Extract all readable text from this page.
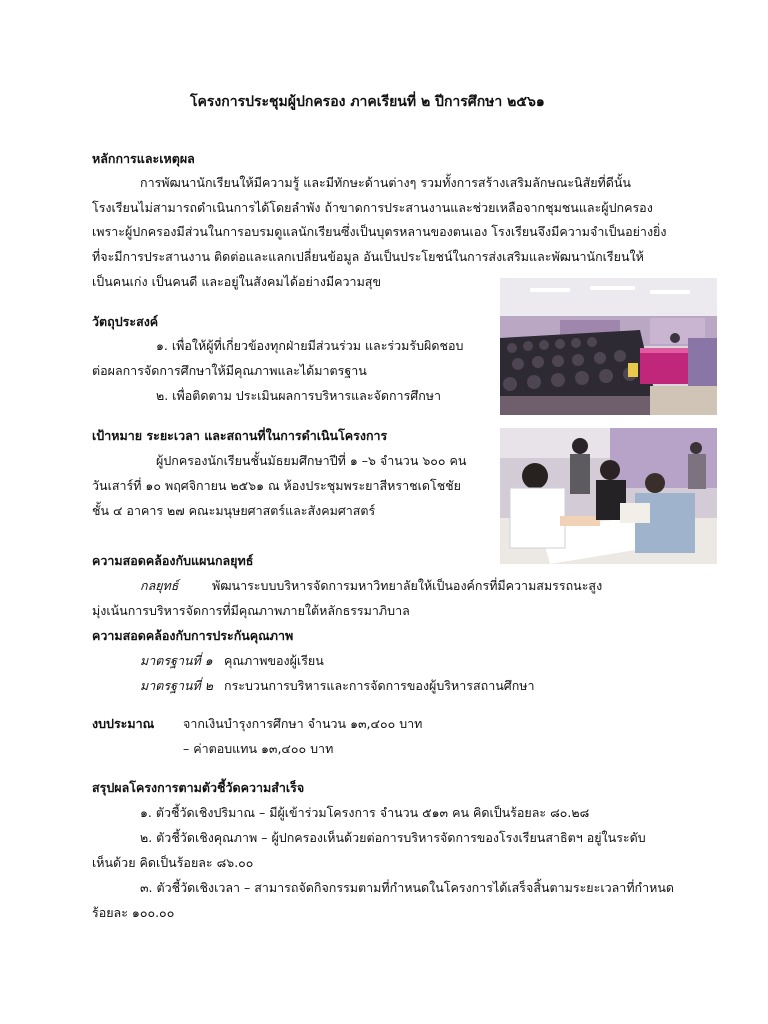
โครงการประชุมผู้ปกครอง ภาคเรียนที่ ๒ ปีการศึกษา ๒๕๖๑
หลักการและเหตุผล
การพัฒนานักเรียนให้มีความรู้ และมีทักษะด้านต่างๆ รวมทั้งการสร้างเสริมลักษณะนิสัยที่ดีนั้น
โรงเรียนไม่สามารถดำเนินการได้โดยลำพัง ถ้าขาดการประสานงานและช่วยเหลือจากชุมชนและผู้ปกครอง
เพราะผู้ปกครองมีส่วนในการอบรมดูแลนักเรียนซึ่งเป็นบุตรหลานของตนเอง โรงเรียนจึงมีความจำเป็นอย่างยิ่ง
ที่จะมีการประสานงาน ติดต่อและแลกเปลี่ยนข้อมูล อันเป็นประโยชน์ในการส่งเสริมและพัฒนานักเรียนให้
เป็นคนเก่ง เป็นคนดี และอยู่ในสังคมได้อย่างมีความสุข
วัตถุประสงค์
๑. เพื่อให้ผู้ที่เกี่ยวข้องทุกฝ่ายมีส่วนร่วม และร่วมรับผิดชอบ
ต่อผลการจัดการศึกษาให้มีคุณภาพและได้มาตรฐาน
๒. เพื่อติดตาม ประเมินผลการบริหารและจัดการศึกษา
เป้าหมาย ระยะเวลา และสถานที่ในการดำเนินโครงการ
ผู้ปกครองนักเรียนชั้นมัธยมศึกษาปีที่ ๑ –๖ จำนวน ๖๐๐ คน
วันเสาร์ที่ ๑๐ พฤศจิกายน ๒๕๖๑ ณ ห้องประชุมพระยาสีหราชเดโชชัย
ชั้น ๔ อาคาร ๒๗ คณะมนุษยศาสตร์และสังคมศาสตร์
ความสอดคล้องกับแผนกลยุทธ์
กลยุทธ์	พัฒนาระบบบริหารจัดการมหาวิทยาลัยให้เป็นองค์กรที่มีความสมรรถนะสูง
มุ่งเน้นการบริหารจัดการที่มีคุณภาพภายใต้หลักธรรมาภิบาล
ความสอดคล้องกับการประกันคุณภาพ
มาตรฐานที่ ๑ คุณภาพของผู้เรียน
มาตรฐานที่ ๒ กระบวนการบริหารและการจัดการของผู้บริหารสถานศึกษา
งบประมาณ จากเงินบำรุงการศึกษา จำนวน ๑๓,๔๐๐ บาท
– ค่าตอบแทน ๑๓,๔๐๐ บาท
สรุปผลโครงการตามตัวชี้วัดความสำเร็จ
๑. ตัวชี้วัดเชิงปริมาณ – มีผู้เข้าร่วมโครงการ จำนวน ๕๑๓ คน คิดเป็นร้อยละ ๘๐.๒๘
๒. ตัวชี้วัดเชิงคุณภาพ – ผู้ปกครองเห็นด้วยต่อการบริหารจัดการของโรงเรียนสาธิตฯ อยู่ในระดับ
เห็นด้วย คิดเป็นร้อยละ ๘๖.๐๐
๓. ตัวชี้วัดเชิงเวลา – สามารถจัดกิจกรรมตามที่กำหนดในโครงการได้เสร็จสิ้นตามระยะเวลาที่กำหนด
ร้อยละ ๑๐๐.๐๐
